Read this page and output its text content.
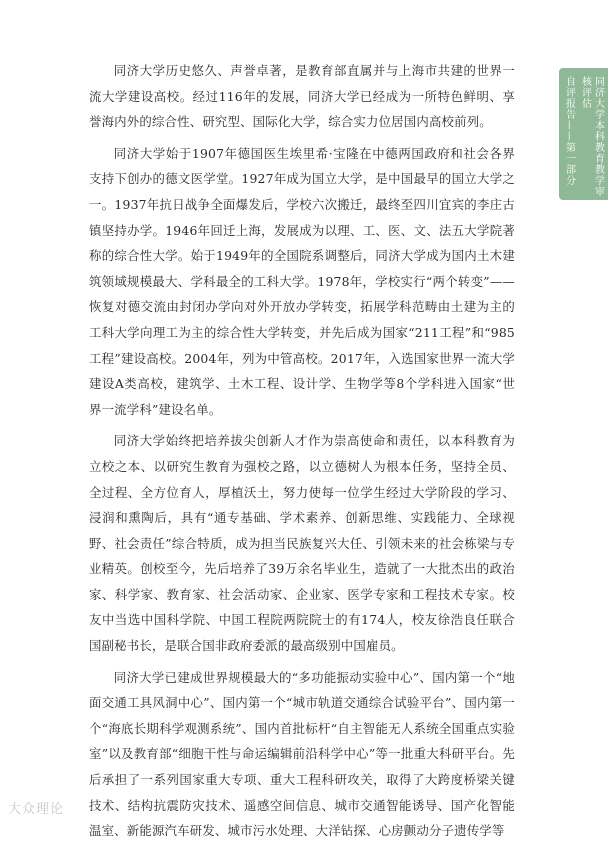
同济大学本科教育教学审核评估
自评报告——第一部分

同济大学历史悠久、声誉卓著，是教育部直属并与上海市共建的世界一流大学建设高校。经过116年的发展，同济大学已经成为一所特色鲜明、享誉海内外的综合性、研究型、国际化大学，综合实力位居国内高校前列。

同济大学始于1907年德国医生埃里希·宝隆在中德两国政府和社会各界支持下创办的德文医学堂。1927年成为国立大学，是中国最早的国立大学之一。1937年抗日战争全面爆发后，学校六次搬迁，最终至四川宜宾的李庄古镇坚持办学。1946年回迁上海，发展成为以理、工、医、文、法五大学院著称的综合性大学。始于1949年的全国院系调整后，同济大学成为国内土木建筑领域规模最大、学科最全的工科大学。1978年，学校实行“两个转变”——恢复对德交流由封闭办学向对外开放办学转变，拓展学科范畴由土建为主的工科大学向理工为主的综合性大学转变，并先后成为国家“211工程”和“985工程”建设高校。2004年，列为中管高校。2017年，入选国家世界一流大学建设A类高校，建筑学、土木工程、设计学、生物学等8个学科进入国家“世界一流学科”建设名单。

同济大学始终把培养拔尖创新人才作为崇高使命和责任，以本科教育为立校之本、以研究生教育为强校之路，以立德树人为根本任务，坚持全员、全过程、全方位育人，厚植沃土，努力使每一位学生经过大学阶段的学习、浸润和熏陶后，具有“通专基础、学术素养、创新思维、实践能力、全球视野、社会责任”综合特质，成为担当民族复兴大任、引领未来的社会栋梁与专业精英。创校至今，先后培养了39万余名毕业生，造就了一大批杰出的政治家、科学家、教育家、社会活动家、企业家、医学专家和工程技术专家。校友中当选中国科学院、中国工程院两院院士的有174人，校友徐浩良任联合国副秘书长，是联合国非政府委派的最高级别中国雇员。

同济大学已建成世界规模最大的“多功能振动实验中心”、国内第一个“地面交通工具风洞中心”、国内第一个“城市轨道交通综合试验平台”、国内第一个“海底长期科学观测系统”、国内首批标杆“自主智能无人系统全国重点实验室”以及教育部“细胞干性与命运编辑前沿科学中心”等一批重大科研平台。先后承担了一系列国家重大专项、重大工程科研攻关，取得了大跨度桥梁关键技术、结构抗震防灾技术、遥感空间信息、城市交通智能诱导、国产化智能温室、新能源汽车研发、城市污水处理、大洋钻探、心房颤动分子遗传学等

大众理论
